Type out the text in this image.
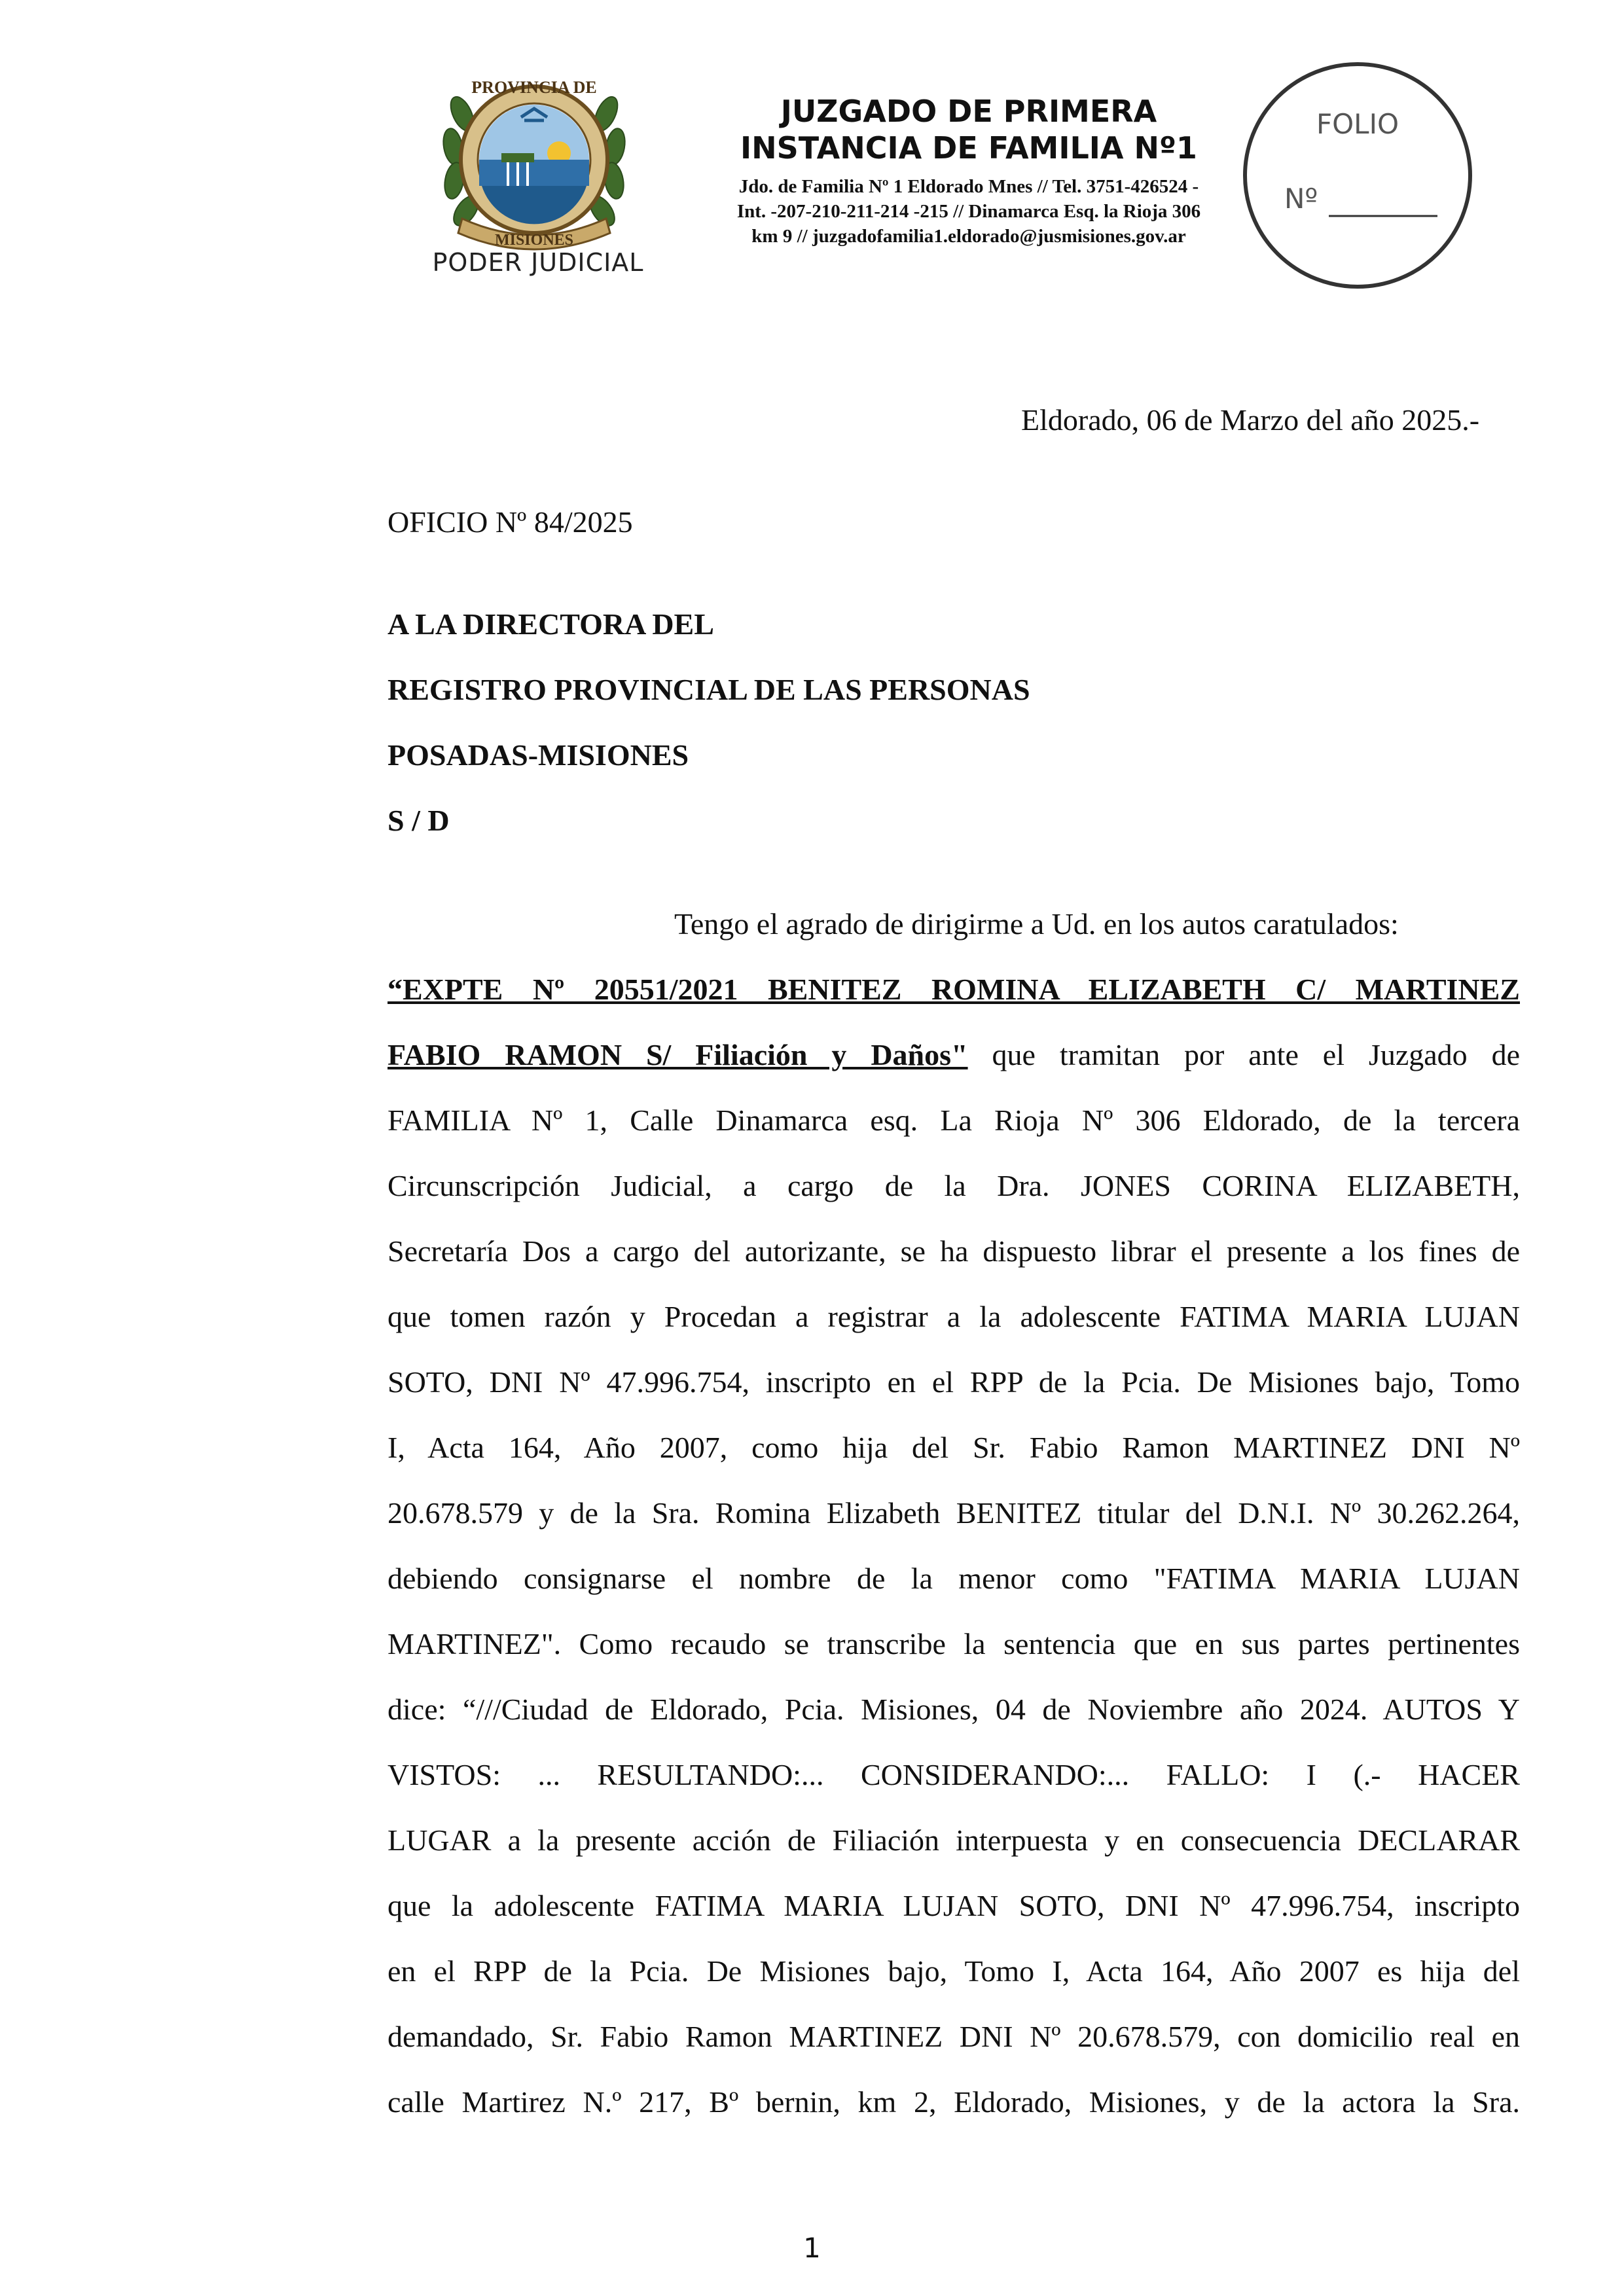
PROVINCIA DE
MISIONES
PODER JUDICIAL
JUZGADO DE PRIMERA
INSTANCIA DE FAMILIA Nº1
Jdo. de Familia Nº 1 Eldorado Mnes // Tel. 3751-426524 -
Int. -207-210-211-214 -215 // Dinamarca Esq. la Rioja 306
km 9 // juzgadofamilia1.eldorado@jusmisiones.gov.ar
FOLIO
Nº
Eldorado, 06 de Marzo del año 2025.-
OFICIO Nº 84/2025
A LA DIRECTORA DEL
REGISTRO PROVINCIAL DE LAS PERSONAS
POSADAS-MISIONES
S / D
Tengo el agrado de dirigirme a Ud. en los autos caratulados:
“EXPTE Nº 20551/2021 BENITEZ ROMINA ELIZABETH C/ MARTINEZ
FABIO RAMON S/ Filiación y Daños" que tramitan por ante el Juzgado de
FAMILIA Nº 1, Calle Dinamarca esq. La Rioja Nº 306 Eldorado, de la tercera
Circunscripción Judicial, a cargo de la Dra. JONES CORINA ELIZABETH,
Secretaría Dos a cargo del autorizante, se ha dispuesto librar el presente a los fines de
que tomen razón y Procedan a registrar a la adolescente FATIMA MARIA LUJAN
SOTO, DNI Nº 47.996.754, inscripto en el RPP de la Pcia. De Misiones bajo, Tomo
I, Acta 164, Año 2007, como hija del Sr. Fabio Ramon MARTINEZ DNI Nº
20.678.579 y de la Sra. Romina Elizabeth BENITEZ titular del D.N.I. Nº 30.262.264,
debiendo consignarse el nombre de la menor como "FATIMA MARIA LUJAN
MARTINEZ". Como recaudo se transcribe la sentencia que en sus partes pertinentes
dice: “///Ciudad de Eldorado, Pcia. Misiones, 04 de Noviembre año 2024. AUTOS Y
VISTOS: ... RESULTANDO:... CONSIDERANDO:... FALLO: I (.- HACER
LUGAR a la presente acción de Filiación interpuesta y en consecuencia DECLARAR
que la adolescente FATIMA MARIA LUJAN SOTO, DNI Nº 47.996.754, inscripto
en el RPP de la Pcia. De Misiones bajo, Tomo I, Acta 164, Año 2007 es hija del
demandado, Sr. Fabio Ramon MARTINEZ DNI Nº 20.678.579, con domicilio real en
calle Martirez N.º 217, Bº bernin, km 2, Eldorado, Misiones, y de la actora la Sra.
1
